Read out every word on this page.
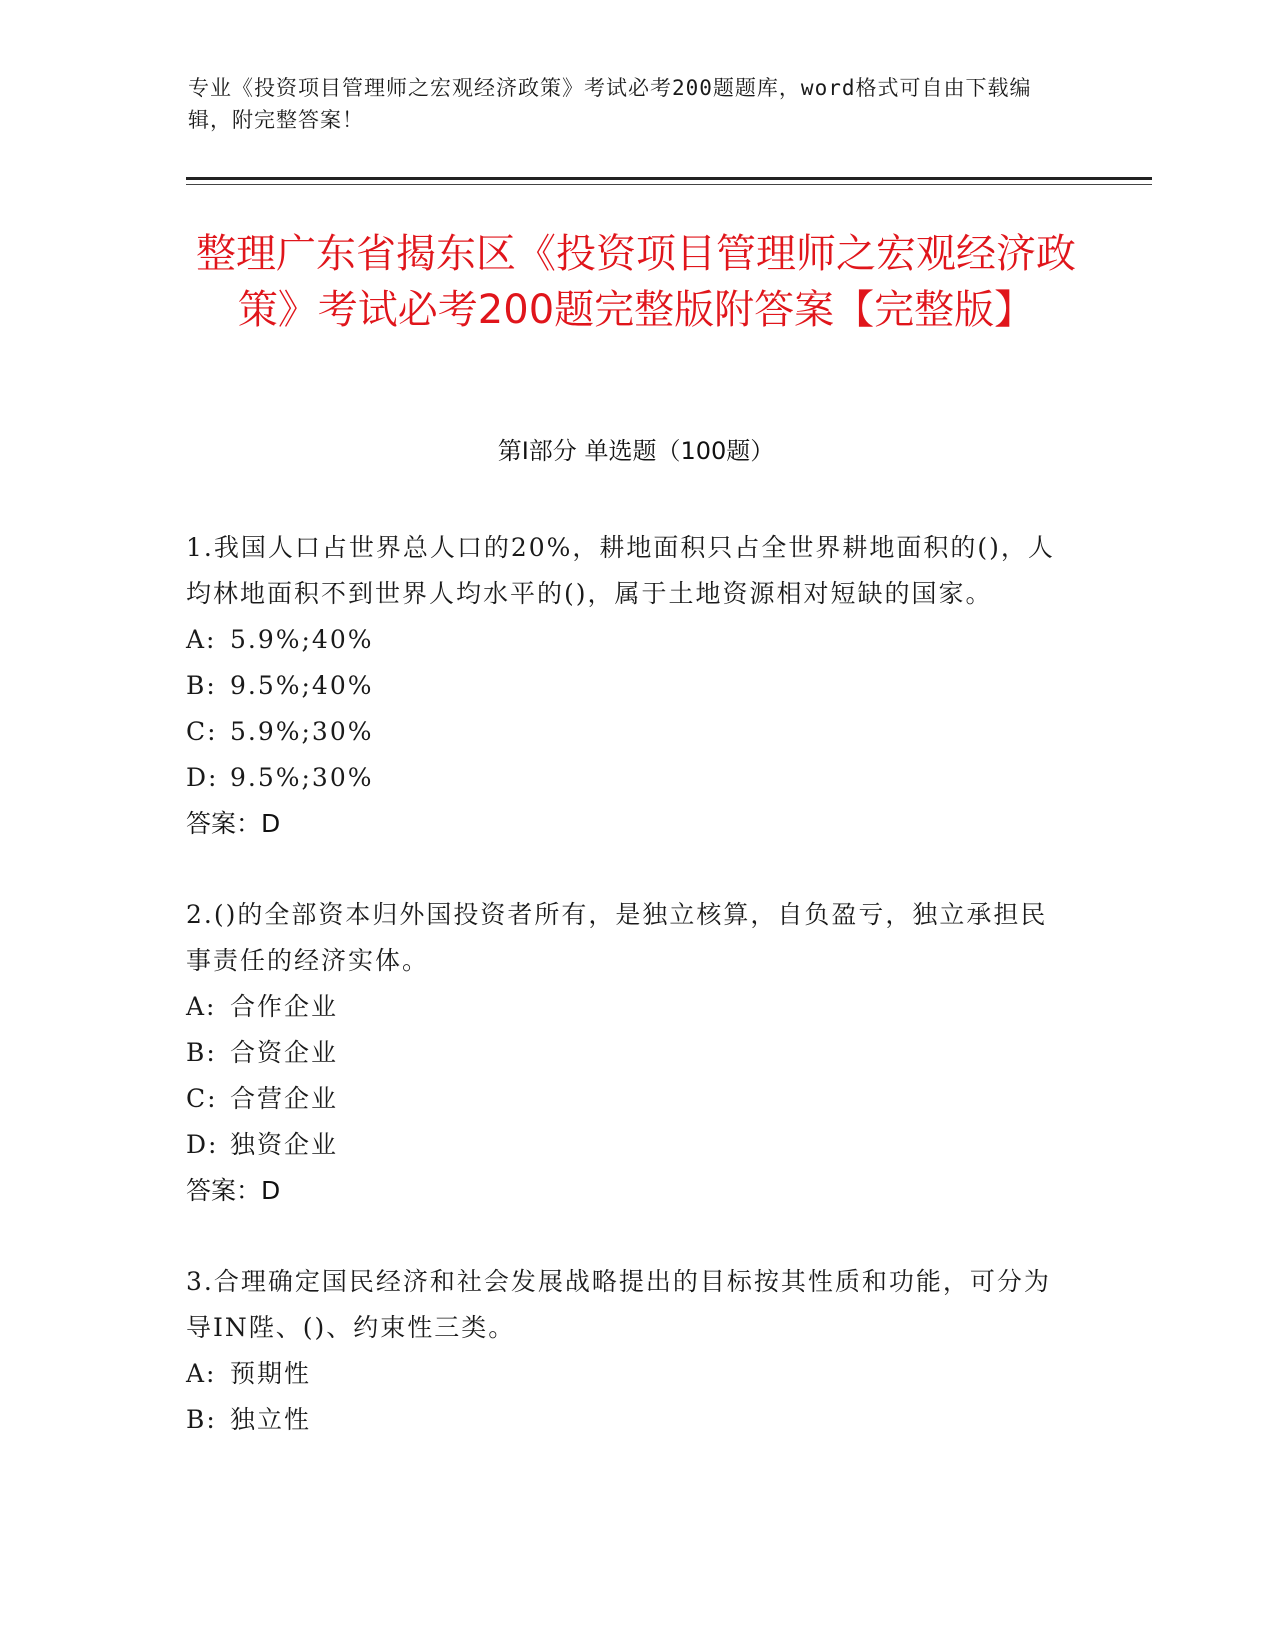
专业《投资项目管理师之宏观经济政策》考试必考200题题库，word格式可自由下载编辑，附完整答案！
整理广东省揭东区《投资项目管理师之宏观经济政策》考试必考200题完整版附答案【完整版】
第I部分 单选题（100题）
1.我国人口占世界总人口的20%，耕地面积只占全世界耕地面积的()，人均林地面积不到世界人均水平的()，属于土地资源相对短缺的国家。
A: 5.9%;40%
B: 9.5%;40%
C: 5.9%;30%
D: 9.5%;30%
答案：D
2.()的全部资本归外国投资者所有，是独立核算，自负盈亏，独立承担民事责任的经济实体。
A: 合作企业
B: 合资企业
C: 合营企业
D: 独资企业
答案：D
3.合理确定国民经济和社会发展战略提出的目标按其性质和功能，可分为导IN陛、()、约束性三类。
A: 预期性
B: 独立性
